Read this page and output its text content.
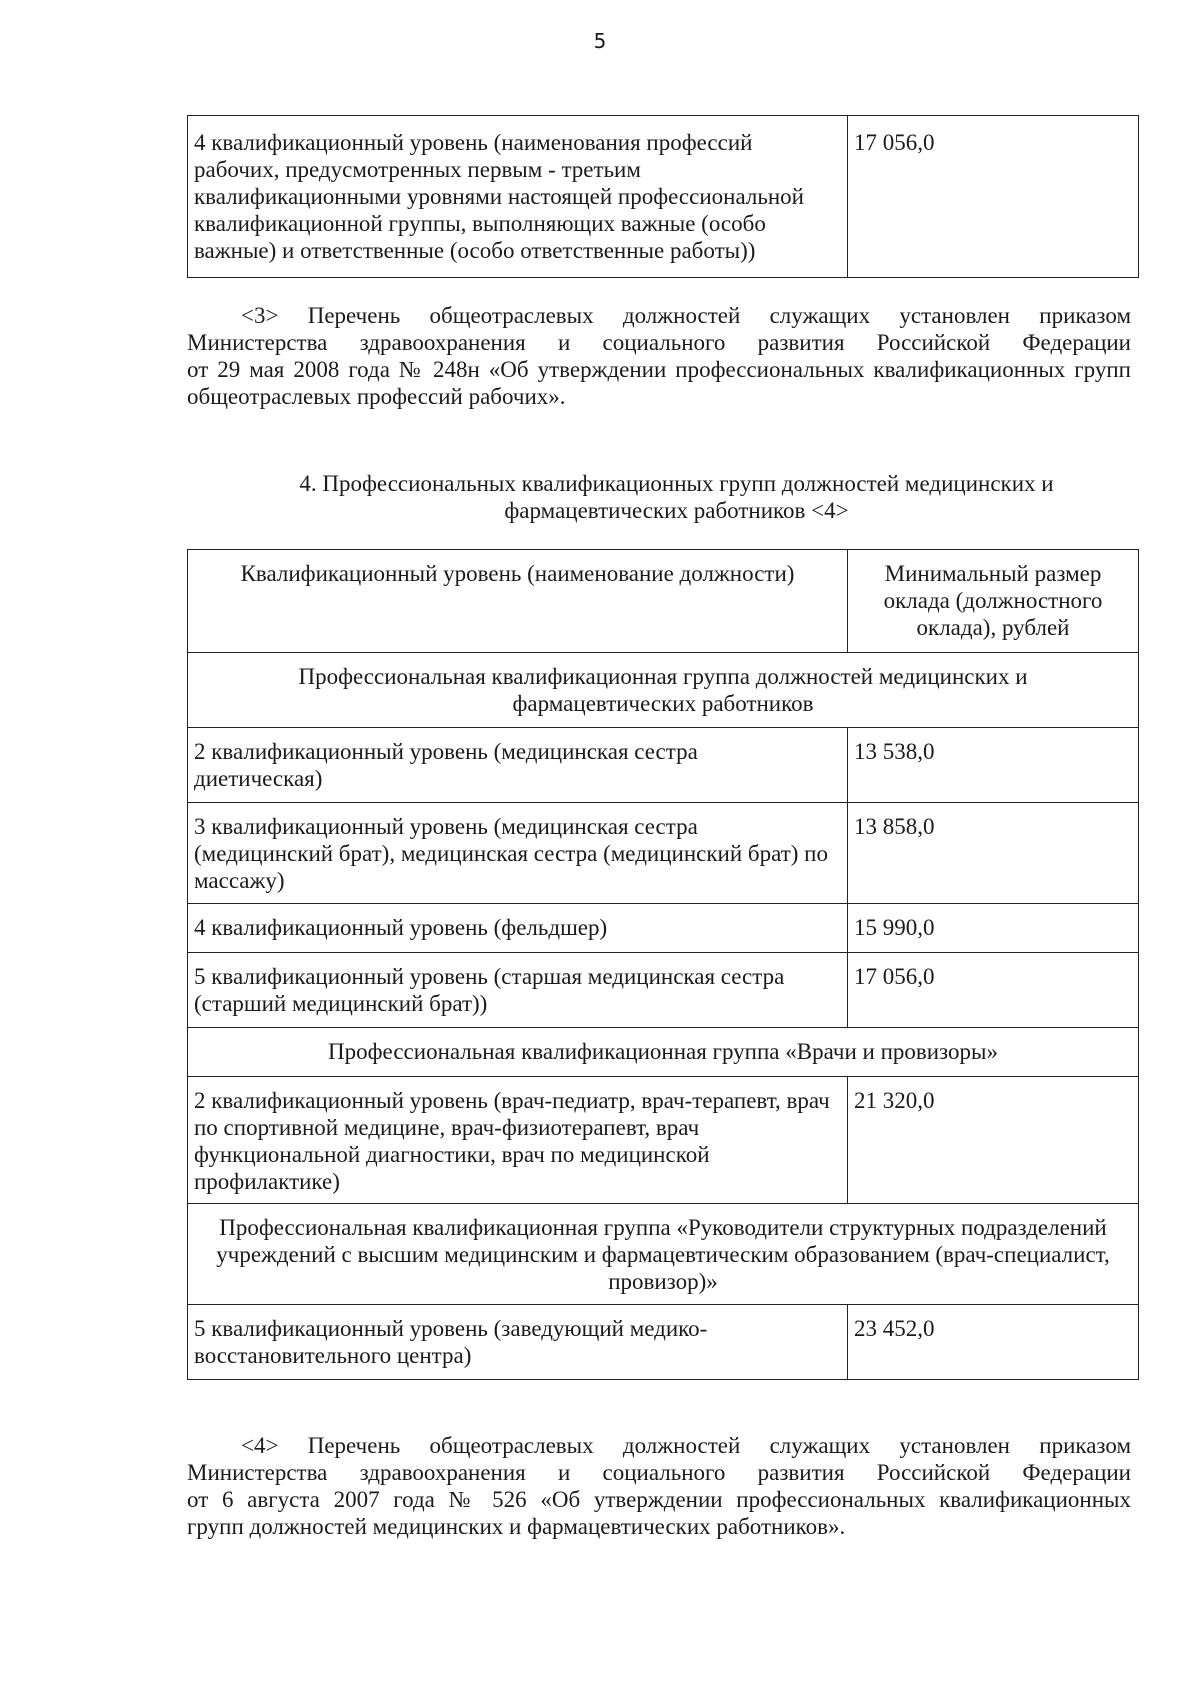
5
4 квалификационный уровень (наименования профессий рабочих, предусмотренных первым - третьим квалификационными уровнями настоящей профессиональной квалификационной группы, выполняющих важные (особо важные) и ответственные (особо ответственные работы))	17 056,0
<3> Перечень общеотраслевых должностей служащих установлен приказом
Министерства здравоохранения и социального развития Российской Федерации
от 29 мая 2008 года № 248н «Об утверждении профессиональных квалификационных групп
общеотраслевых профессий рабочих».
4. Профессиональных квалификационных групп должностей медицинских и
фармацевтических работников <4>
Квалификационный уровень (наименование должности)	Минимальный размер оклада (должностного оклада), рублей
Профессиональная квалификационная группа должностей медицинских и фармацевтических работников	
2 квалификационный уровень (медицинская сестра диетическая)	13 538,0
3 квалификационный уровень (медицинская сестра (медицинский брат), медицинская сестра (медицинский брат) по массажу)	13 858,0
4 квалификационный уровень (фельдшер)	15 990,0
5 квалификационный уровень (старшая медицинская сестра (старший медицинский брат))	17 056,0
Профессиональная квалификационная группа «Врачи и провизоры»	
2 квалификационный уровень (врач-педиатр, врач-терапевт, врач по спортивной медицине, врач-физиотерапевт, врач функциональной диагностики, врач по медицинской профилактике)	21 320,0
Профессиональная квалификационная группа «Руководители структурных подразделений учреждений с высшим медицинским и фармацевтическим образованием (врач-специалист, провизор)»	
5 квалификационный уровень (заведующий медико-восстановительного центра)	23 452,0
<4> Перечень общеотраслевых должностей служащих установлен приказом
Министерства здравоохранения и социального развития Российской Федерации
от 6 августа 2007 года № 526 «Об утверждении профессиональных квалификационных
групп должностей медицинских и фармацевтических работников».
